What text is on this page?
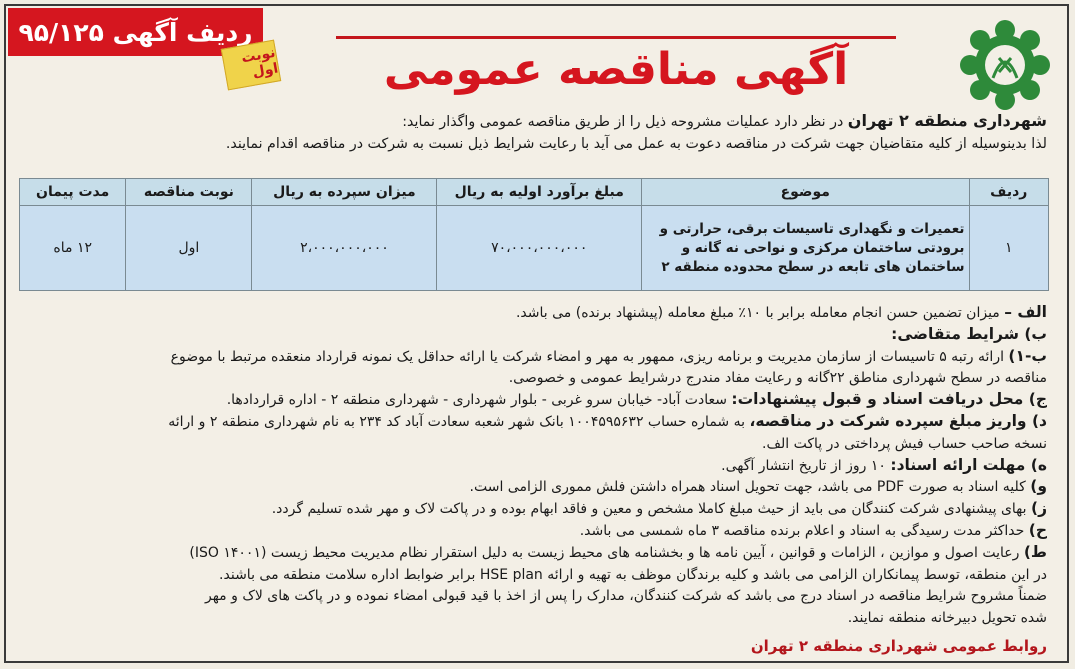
ردیف آگهی ۹۵/۱۲۵
نوبت اول آگهی مناقصه عمومی
شهرداری منطقه ۲ تهران در نظر دارد عملیات مشروحه ذیل را از طریق مناقصه عمومی واگذار نماید:
لذا بدینوسیله از کلیه متقاضیان جهت شرکت در مناقصه دعوت به عمل می آید با رعایت شرایط ذیل نسبت به شرکت در مناقصه اقدام نمایند.
ردیف	موضوع	مبلغ برآورد اولیه به ریال	میزان سپرده به ریال	نوبت مناقصه	مدت پیمان
۱	تعمیرات و نگهداری تاسیسات برقی، حرارتی و برودتی ساختمان مرکزی و نواحی نه گانه و ساختمان های تابعه در سطح محدوده منطقه ۲	۷۰،۰۰۰،۰۰۰،۰۰۰	۲،۰۰۰،۰۰۰،۰۰۰	اول	۱۲ ماه

الف – میزان تضمین حسن انجام معامله برابر با ۱۰٪ مبلغ معامله (پیشنهاد برنده) می باشد.

ب) شرایط متقاضی:

ب-۱) ارائه رتبه ۵ تاسیسات از سازمان مدیریت و برنامه ریزی، ممهور به مهر و امضاء شرکت یا ارائه حداقل یک نمونه قرارداد منعقده مرتبط با موضوع

مناقصه در سطح شهرداری مناطق ۲۲گانه و رعایت مفاد مندرج درشرایط عمومی و خصوصی.

ج) محل دریافت اسناد و قبول پیشنهادات: سعادت آباد- خیابان سرو غربی - بلوار شهرداری - شهرداری منطقه ۲ - اداره قراردادها.

د) واریز مبلغ سپرده شرکت در مناقصه، به شماره حساب ۱۰۰۴۵۹۵۶۳۲ بانک شهر شعبه سعادت آباد کد ۲۳۴ به نام شهرداری منطقه ۲ و ارائه

نسخه صاحب حساب فیش پرداختی در پاکت الف.

ه) مهلت ارائه اسناد: ۱۰ روز از تاریخ انتشار آگهی.

و) کلیه اسناد به صورت PDF می باشد، جهت تحویل اسناد همراه داشتن فلش مموری الزامی است.

ز) بهای پیشنهادی شرکت کنندگان می باید از حیث مبلغ کاملا مشخص و معین و فاقد ابهام بوده و در پاکت لاک و مهر شده تسلیم گردد.

ح) حداکثر مدت رسیدگی به اسناد و اعلام برنده مناقصه ۳ ماه شمسی می باشد.

ط) رعایت اصول و موازین ، الزامات و قوانین ، آیین نامه ها و بخشنامه های محیط زیست به دلیل استقرار نظام مدیریت محیط زیست (ISO ۱۴۰۰۱)

در این منطقه، توسط پیمانکاران الزامی می باشد و کلیه برندگان موظف به تهیه و ارائه HSE plan برابر ضوابط اداره سلامت منطقه می باشند.

ضمناً مشروح شرایط مناقصه در اسناد درج می باشد که شرکت کنندگان، مدارک را پس از اخذ با قید قبولی امضاء نموده و در پاکت های لاک و مهر

شده تحویل دبیرخانه منطقه نمایند.

روابط عمومی شهرداری منطقه ۲ تهران
